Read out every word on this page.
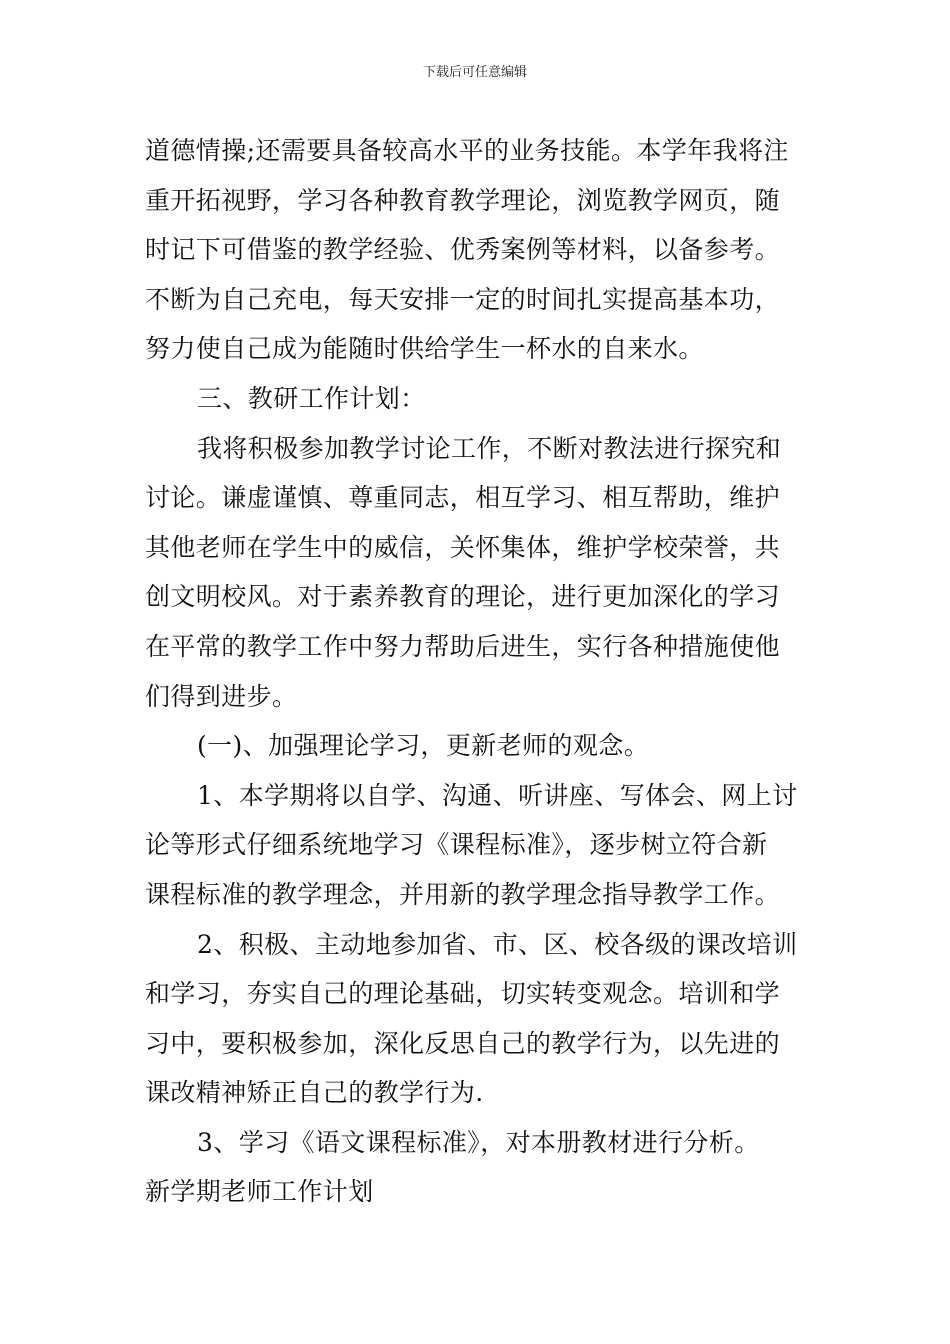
下载后可任意编辑
道德情操;还需要具备较高水平的业务技能。本学年我将注
重开拓视野，学习各种教育教学理论，浏览教学网页，随
时记下可借鉴的教学经验、优秀案例等材料，以备参考。
不断为自己充电，每天安排一定的时间扎实提高基本功，
努力使自己成为能随时供给学生一杯水的自来水。
三、教研工作计划：
我将积极参加教学讨论工作，不断对教法进行探究和
讨论。谦虚谨慎、尊重同志，相互学习、相互帮助，维护
其他老师在学生中的威信，关怀集体，维护学校荣誉，共
创文明校风。对于素养教育的理论，进行更加深化的学习
在平常的教学工作中努力帮助后进生，实行各种措施使他
们得到进步。
(一)、加强理论学习，更新老师的观念。
1、本学期将以自学、沟通、听讲座、写体会、网上讨
论等形式仔细系统地学习《课程标准》，逐步树立符合新
课程标准的教学理念，并用新的教学理念指导教学工作。
2、积极、主动地参加省、市、区、校各级的课改培训
和学习，夯实自己的理论基础，切实转变观念。培训和学
习中，要积极参加，深化反思自己的教学行为，以先进的
课改精神矫正自己的教学行为.
3、学习《语文课程标准》，对本册教材进行分析。
新学期老师工作计划
